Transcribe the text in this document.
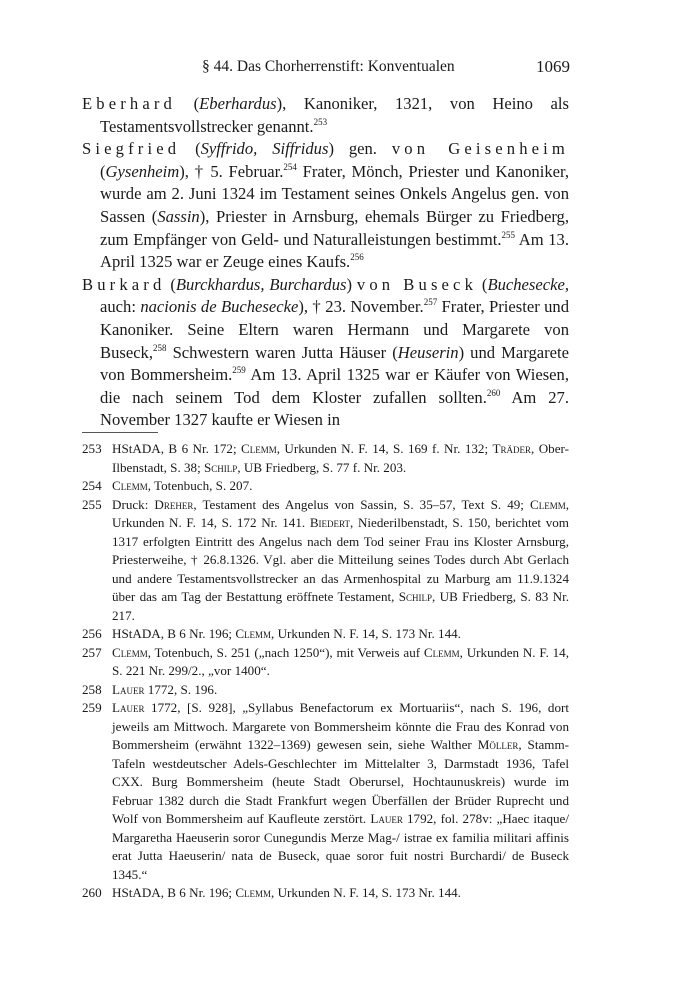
§ 44. Das Chorherrenstift: Konventualen	1069

Eberhard (Eberhardus), Kanoniker, 1321, von Heino als Testamentsvollstrecker genannt.$^{253}$

Siegfried (Syffrido, Siffridus) gen. von Geisenheim (Gysenheim), † 5. Februar.$^{254}$ Frater, Mönch, Priester und Kanoniker, wurde am 2. Juni 1324 im Testament seines Onkels Angelus gen. von Sassen (Sassin), Priester in Arnsburg, ehemals Bürger zu Friedberg, zum Empfänger von Geld- und Naturalleistungen bestimmt.$^{255}$ Am 13. April 1325 war er Zeuge eines Kaufs.$^{256}$

Burkard (Burckhardus, Burchardus) von Buseck (Buchesecke, auch: nacionis de Buchesecke), † 23. November.$^{257}$ Frater, Priester und Kanoniker. Seine Eltern waren Hermann und Margarete von Buseck,$^{258}$ Schwestern waren Jutta Häuser (Heuserin) und Margarete von Bommersheim.$^{259}$ Am 13. April 1325 war er Käufer von Wiesen, die nach seinem Tod dem Kloster zufallen sollten.$^{260}$ Am 27. November 1327 kaufte er Wiesen in

253 HStADA, B 6 Nr. 172; Clemm, Urkunden N. F. 14, S. 169 f. Nr. 132; Träder, Ober-Ilbenstadt, S. 38; Schilp, UB Friedberg, S. 77 f. Nr. 203.

254 Clemm, Totenbuch, S. 207.

255 Druck: Dreher, Testament des Angelus von Sassin, S. 35–57, Text S. 49; Clemm, Urkunden N. F. 14, S. 172 Nr. 141. Biedert, Niederilbenstadt, S. 150, berichtet vom 1317 erfolgten Eintritt des Angelus nach dem Tod seiner Frau ins Kloster Arnsburg, Priesterweihe, † 26.8.1326. Vgl. aber die Mitteilung seines Todes durch Abt Gerlach und andere Testamentsvollstrecker an das Armenhospital zu Marburg am 11.9.1324 über das am Tag der Bestattung eröffnete Testament, Schilp, UB Friedberg, S. 83 Nr. 217.

256 HStADA, B 6 Nr. 196; Clemm, Urkunden N. F. 14, S. 173 Nr. 144.

257 Clemm, Totenbuch, S. 251 („nach 1250“), mit Verweis auf Clemm, Urkunden N. F. 14, S. 221 Nr. 299/2., „vor 1400“.

258 Lauer 1772, S. 196.

259 Lauer 1772, [S. 928], „Syllabus Benefactorum ex Mortuariis“, nach S. 196, dort jeweils am Mittwoch. Margarete von Bommersheim könnte die Frau des Konrad von Bommersheim (erwähnt 1322–1369) gewesen sein, siehe Walther Möller, Stamm-Tafeln westdeutscher Adels-Geschlechter im Mittelalter 3, Darmstadt 1936, Tafel CXX. Burg Bommersheim (heute Stadt Oberursel, Hochtaunuskreis) wurde im Februar 1382 durch die Stadt Frankfurt wegen Überfällen der Brüder Ruprecht und Wolf von Bommersheim auf Kaufleute zerstört. Lauer 1792, fol. 278v: „Haec itaque/ Margaretha Haeuserin soror Cunegundis Merze Mag-/ istrae ex familia militari affinis erat Jutta Haeuserin/ nata de Buseck, quae soror fuit nostri Burchardi/ de Buseck 1345.“

260 HStADA, B 6 Nr. 196; Clemm, Urkunden N. F. 14, S. 173 Nr. 144.
